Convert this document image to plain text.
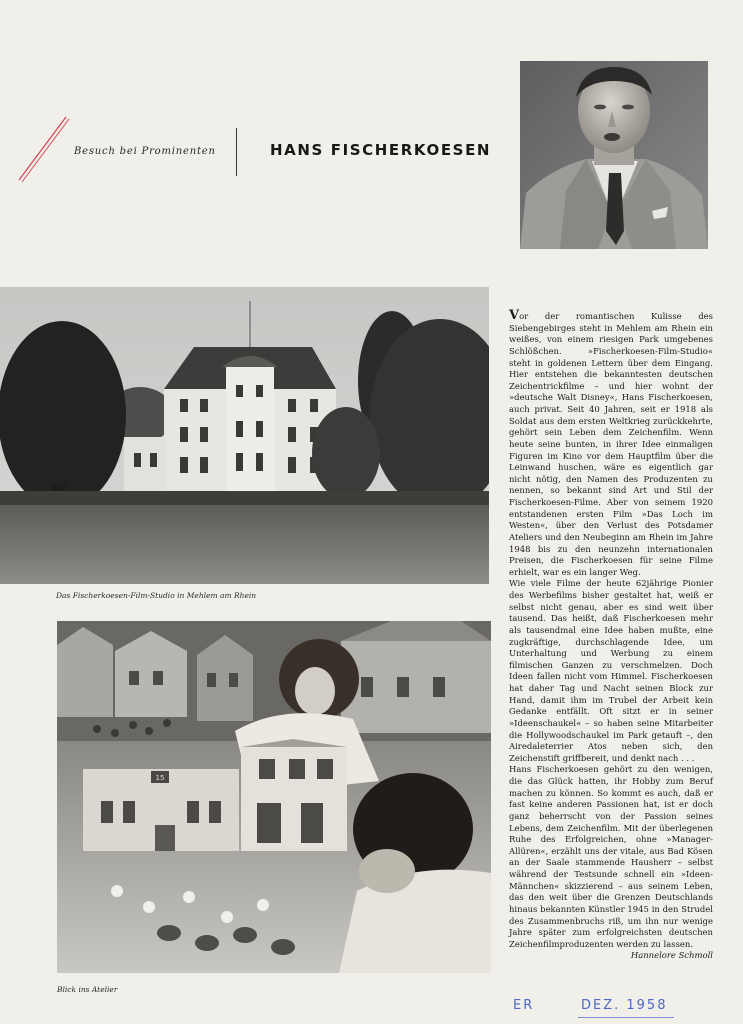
Besuch bei Prominenten	HANS FISCHERKOESEN
Das Fischerkoesen-Film-Studio in Mehlem am Rhein
15
Blick ins Atelier

Vor der romantischen Kulisse des Siebengebirges steht in Mehlem am Rhein ein weißes, von einem riesigen Park umgebenes Schlößchen. »Fischerkoesen-Film-Studio« steht in goldenen Lettern über dem Eingang. Hier entstehen die bekanntesten deutschen Zeichentrickfilme – und hier wohnt der »deutsche Walt Disney«, Hans Fischerkoesen, auch privat. Seit 40 Jahren, seit er 1918 als Soldat aus dem ersten Weltkrieg zurückkehrte, gehört sein Leben dem Zeichenfilm. Wenn heute seine bunten, in ihrer Idee einmaligen Figuren im Kino vor dem Hauptfilm über die Leinwand huschen, wäre es eigentlich gar nicht nötig, den Namen des Produzenten zu nennen, so bekannt sind Art und Stil der Fischerkoesen-Filme. Aber von seinem 1920 entstandenen ersten Film »Das Loch im Westen«, über den Verlust des Potsdamer Ateliers und den Neubeginn am Rhein im Jahre 1948 bis zu den neunzehn internationalen Preisen, die Fischerkoesen für seine Filme erhielt, war es ein langer Weg.

Wie viele Filme der heute 62jährige Pionier des Werbefilms bisher gestaltet hat, weiß er selbst nicht genau, aber es sind weit über tausend. Das heißt, daß Fischerkoesen mehr als tausendmal eine Idee haben mußte, eine zugkräftige, durchschlagende Idee, um Unterhaltung und Werbung zu einem filmischen Ganzen zu verschmelzen. Doch Ideen fallen nicht vom Himmel. Fischerkoesen hat daher Tag und Nacht seinen Block zur Hand, damit ihm im Trubel der Arbeit kein Gedanke entfällt. Oft sitzt er in seiner »Ideenschaukel« – so haben seine Mitarbeiter die Hollywoodschaukel im Park getauft –, den Airedaleterrier Atos neben sich, den Zeichenstift griffbereit, und denkt nach . . .

Hans Fischerkoesen gehört zu den wenigen, die das Glück hatten, ihr Hobby zum Beruf machen zu können. So kommt es auch, daß er fast keine anderen Passionen hat, ist er doch ganz beherrscht von der Passion seines Lebens, dem Zeichenfilm. Mit der überlegenen Ruhe des Erfolgreichen, ohne »Manager-Allüren«, erzählt uns der vitale, aus Bad Kösen an der Saale stammende Hausherr – selbst während der Testsunde schnell ein »Ideen-Männchen« skizzierend – aus seinem Leben, das den weit über die Grenzen Deutschlands hinaus bekannten Künstler 1945 in den Strudel des Zusammenbruchs riß, um ihn nur wenige Jahre später zum erfolgreichsten deutschen Zeichenfilmproduzenten werden zu lassen.

Hannelore Schmoll

ER	DEZ. 1958
